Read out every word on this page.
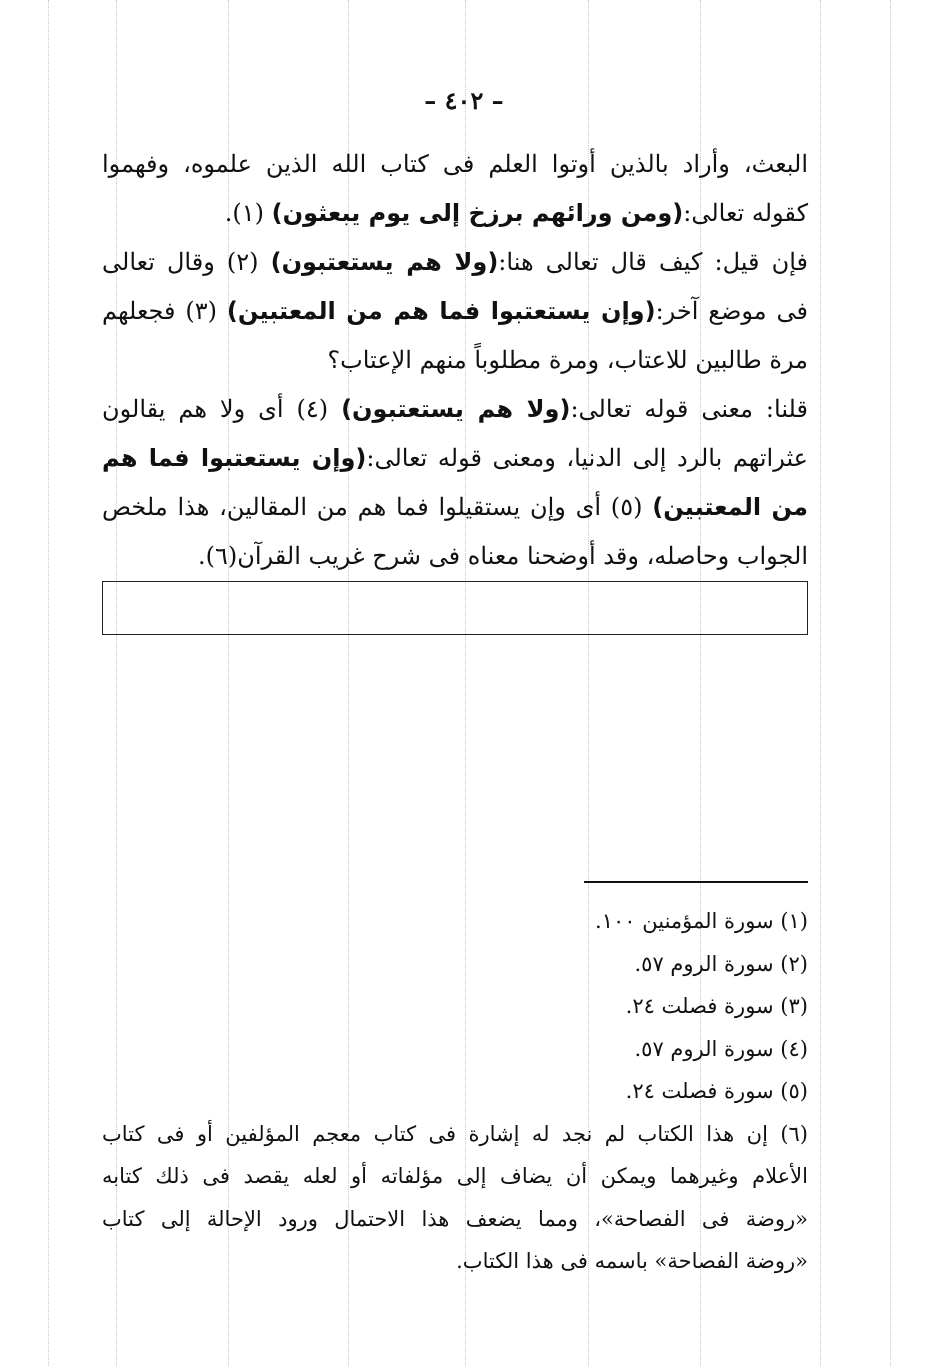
– ٤٠٢ –
البعث، وأراد بالذين أوتوا العلم فى كتاب الله الذين علموه، وفهموا
كقوله تعالى:(ومن ورائهم برزخ إلى يوم يبعثون) (١).
فإن قيل: كيف قال تعالى هنا:(ولا هم يستعتبون) (٢) وقال تعالى
فى موضع آخر:(وإن يستعتبوا فما هم من المعتبين) (٣) فجعلهم
مرة طالبين للاعتاب، ومرة مطلوباً منهم الإعتاب؟
قلنا: معنى قوله تعالى:(ولا هم يستعتبون) (٤) أى ولا هم يقالون
عثراتهم بالرد إلى الدنيا، ومعنى قوله تعالى:(وإن يستعتبوا فما هم
من المعتبين) (٥) أى وإن يستقيلوا فما هم من المقالين، هذا ملخص
الجواب وحاصله، وقد أوضحنا معناه فى شرح غريب القرآن(٦).
(١) سورة المؤمنين ١٠٠.
(٢) سورة الروم ٥٧.
(٣) سورة فصلت ٢٤.
(٤) سورة الروم ٥٧.
(٥) سورة فصلت ٢٤.
(٦) إن هذا الكتاب لم نجد له إشارة فى كتاب معجم المؤلفين أو فى كتاب
الأعلام وغيرهما ويمكن أن يضاف إلى مؤلفاته أو لعله يقصد فى ذلك كتابه
«روضة فى الفصاحة»، ومما يضعف هذا الاحتمال ورود الإحالة إلى كتاب
«روضة الفصاحة» باسمه فى هذا الكتاب.
